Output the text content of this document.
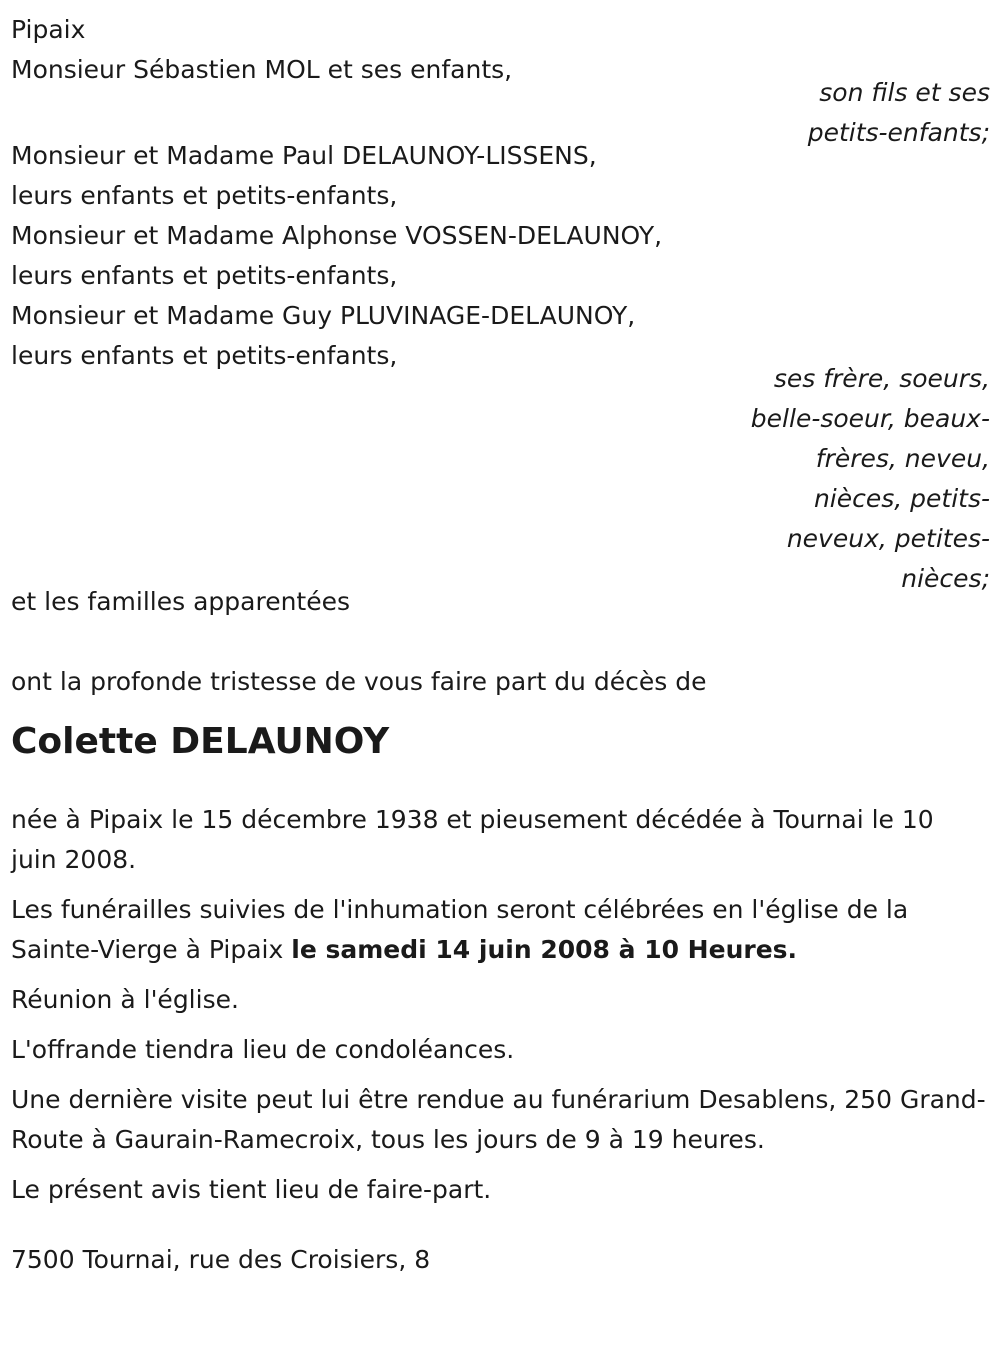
Pipaix
Monsieur Sébastien MOL et ses enfants,
son fils et ses
petits-enfants;
Monsieur et Madame Paul DELAUNOY-LISSENS,
leurs enfants et petits-enfants,
Monsieur et Madame Alphonse VOSSEN-DELAUNOY,
leurs enfants et petits-enfants,
Monsieur et Madame Guy PLUVINAGE-DELAUNOY,
leurs enfants et petits-enfants,
ses frère, soeurs,
belle-soeur, beaux-
frères, neveu,
nièces, petits-
neveux, petites-
nièces;
et les familles apparentées
ont la profonde tristesse de vous faire part du décès de
Colette DELAUNOY

née à Pipaix le 15 décembre 1938 et pieusement décédée à Tournai le 10 juin 2008.

Les funérailles suivies de l'inhumation seront célébrées en l'église de la Sainte-Vierge à Pipaix le samedi 14 juin 2008 à 10 Heures.

Réunion à l'église.

L'offrande tiendra lieu de condoléances.

Une dernière visite peut lui être rendue au funérarium Desablens, 250 Grand-Route à Gaurain-Ramecroix, tous les jours de 9 à 19 heures.

Le présent avis tient lieu de faire-part.

7500 Tournai, rue des Croisiers, 8
